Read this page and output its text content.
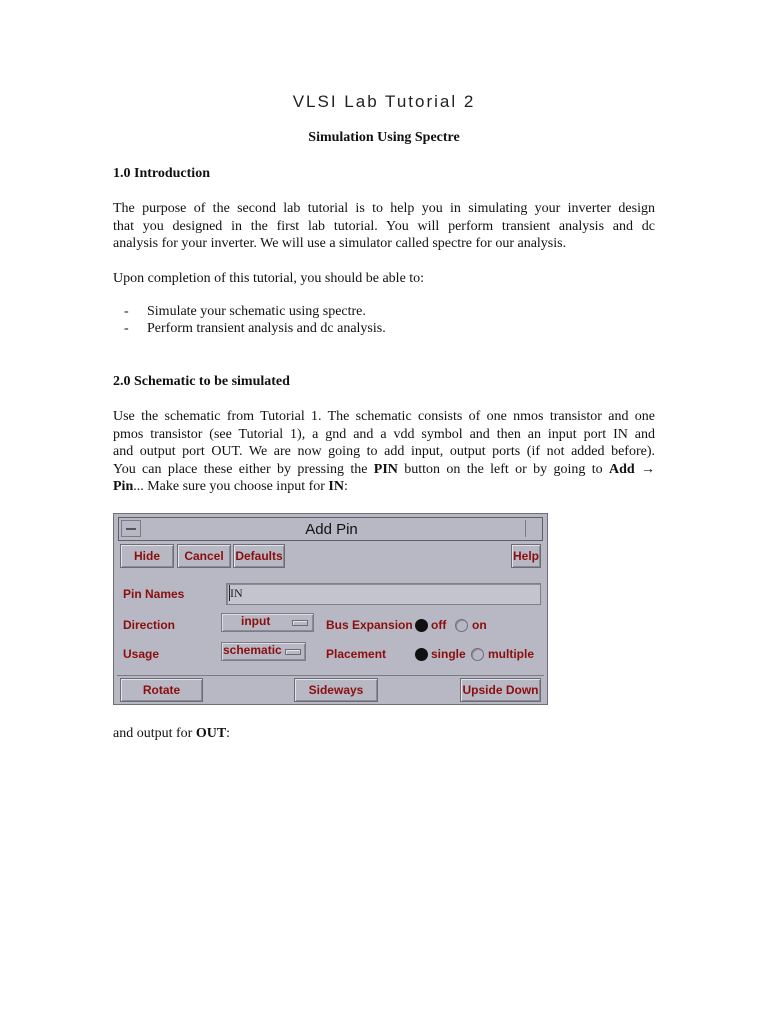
VLSI Lab Tutorial 2
Simulation Using Spectre
1.0 Introduction
The purpose of the second lab tutorial is to help you in simulating your inverter design
that you designed in the first lab tutorial. You will perform transient analysis and dc
analysis for your inverter. We will use a simulator called spectre for our analysis.
Upon completion of this tutorial, you should be able to:
- Simulate your schematic using spectre.
- Perform transient analysis and dc analysis.
2.0 Schematic to be simulated
Use the schematic from Tutorial 1. The schematic consists of one nmos transistor and one
pmos transistor (see Tutorial 1), a gnd and a vdd symbol and then an input port IN and
and output port OUT. We are now going to add input, output ports (if not added before).
You can place these either by pressing the PIN button on the left or by going to Add →
Pin... Make sure you choose input for IN:
Add Pin
Hide	Cancel Defaults	Help
Pin Names	IN
Direction	input	Bus Expansion off on
Usage	schematic	Placement	single multiple
Rotate	Sideways	Upside Down
and output for OUT:
